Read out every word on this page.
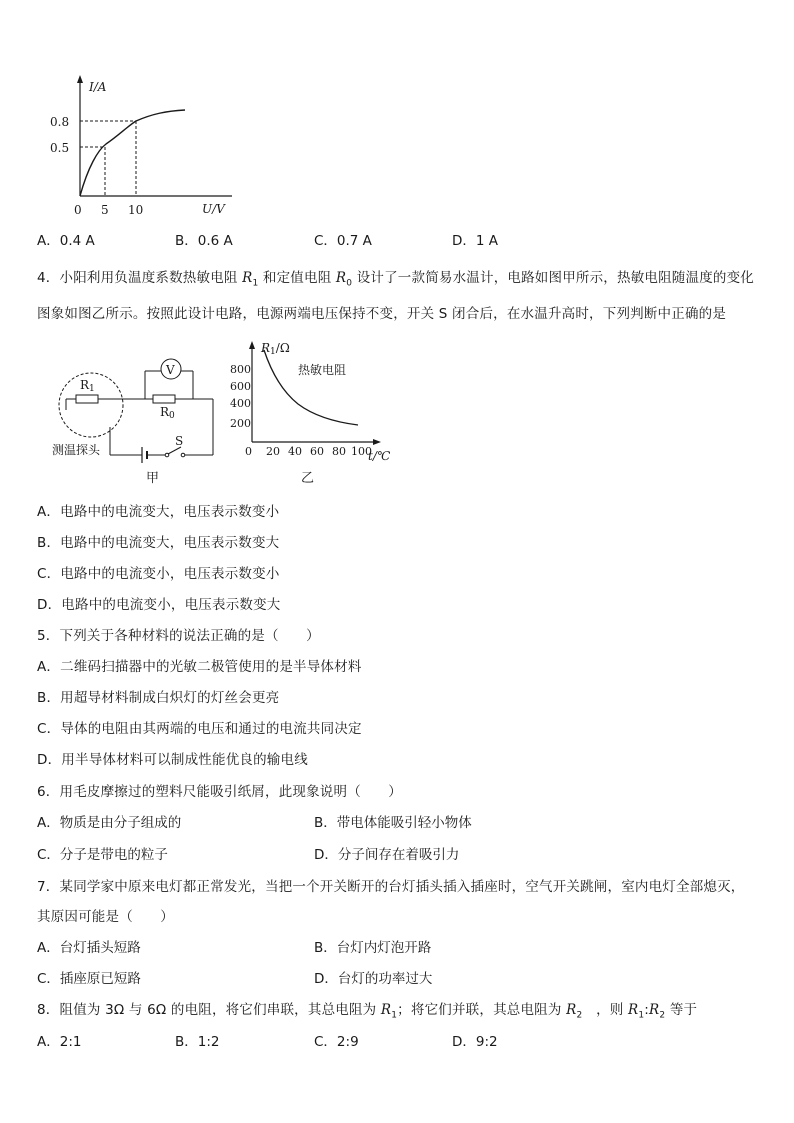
I/A
U/V
0 5 10
0.8
0.5
A．0.4 A	B．0.6 A	C．0.7 A	D．1 A
4．小阳利用负温度系数热敏电阻 $R_1$ 和定值电阻 $R_0$ 设计了一款简易水温计，电路如图甲所示，热敏电阻随温度的变化
图象如图乙所示。按照此设计电路，电源两端电压保持不变，开关 S 闭合后，在水温升高时，下列判断中正确的是
R1
R0
V
S
测温探头
甲
R1/Ω
热敏电阻
800
600
400
200
0 20 40 60 80 100
t/℃
乙
A．电路中的电流变大，电压表示数变小
B．电路中的电流变大，电压表示数变大
C．电路中的电流变小，电压表示数变小
D．电路中的电流变小，电压表示数变大
5．下列关于各种材料的说法正确的是（　　）
A．二维码扫描器中的光敏二极管使用的是半导体材料
B．用超导材料制成白炽灯的灯丝会更亮
C．导体的电阻由其两端的电压和通过的电流共同决定
D．用半导体材料可以制成性能优良的输电线
6．用毛皮摩擦过的塑料尺能吸引纸屑，此现象说明（　　）
A．物质是由分子组成的	B．带电体能吸引轻小物体
C．分子是带电的粒子	D．分子间存在着吸引力
7．某同学家中原来电灯都正常发光，当把一个开关断开的台灯插头插入插座时，空气开关跳闸，室内电灯全部熄灭，
其原因可能是（　　）
A．台灯插头短路	B．台灯内灯泡开路
C．插座原已短路	D．台灯的功率过大
8．阻值为 3Ω 与 6Ω 的电阻，将它们串联，其总电阻为 $R_1$；将它们并联，其总电阻为 $R_2$　，则 $R_1:R_2$ 等于
A．2:1	B．1:2	C．2:9	D．9:2
